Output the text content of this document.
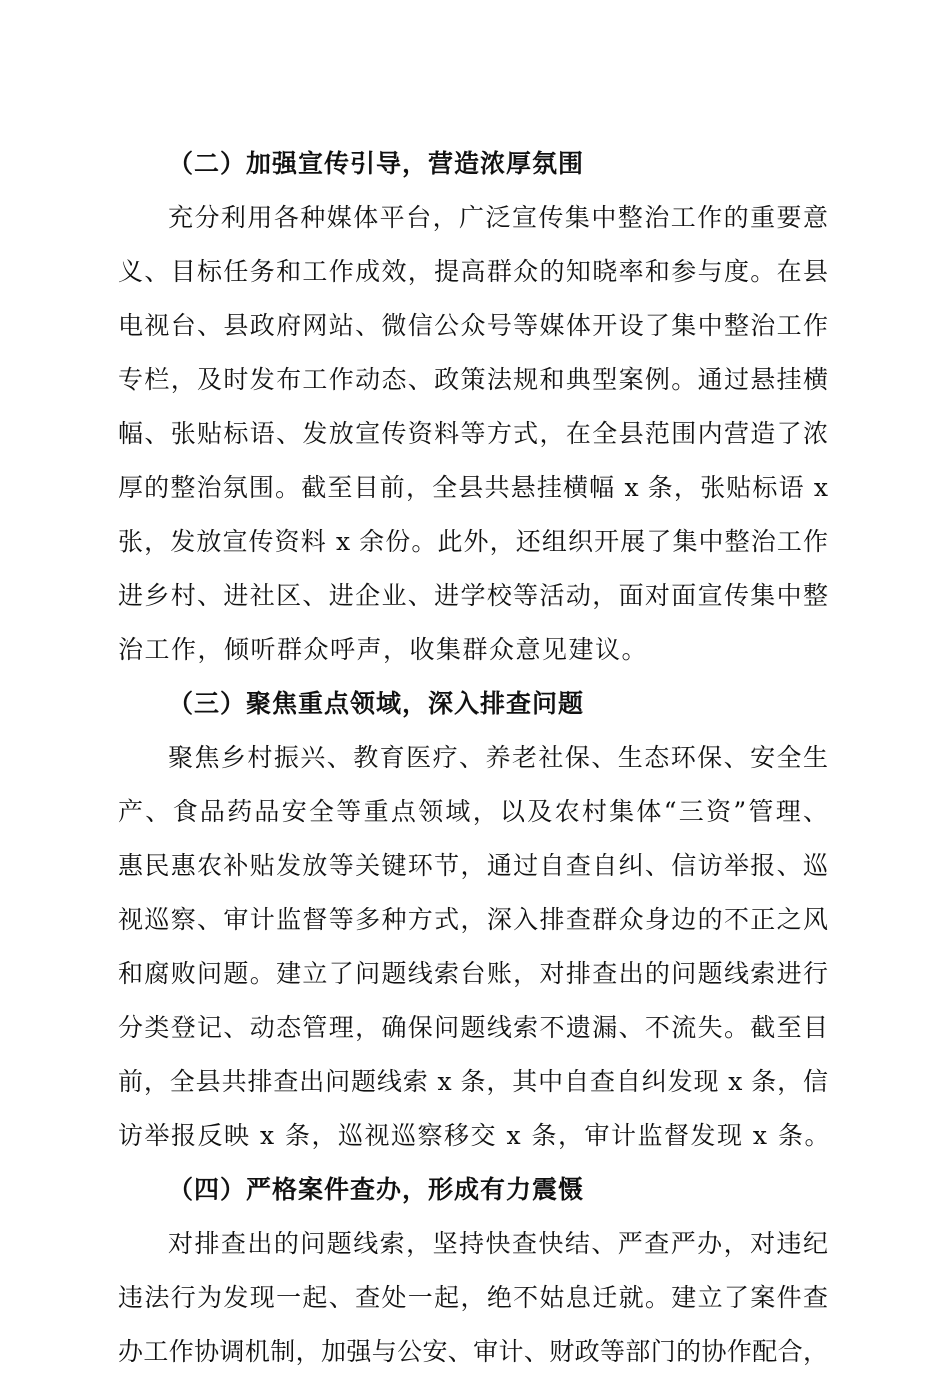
（二）加强宣传引导，营造浓厚氛围
充分利用各种媒体平台，广泛宣传集中整治工作的重要意
义、目标任务和工作成效，提高群众的知晓率和参与度。在县
电视台、县政府网站、微信公众号等媒体开设了集中整治工作
专栏，及时发布工作动态、政策法规和典型案例。通过悬挂横
幅、张贴标语、发放宣传资料等方式，在全县范围内营造了浓
厚的整治氛围。截至目前，全县共悬挂横幅 x 条，张贴标语 x
张，发放宣传资料 x 余份。此外，还组织开展了集中整治工作
进乡村、进社区、进企业、进学校等活动，面对面宣传集中整
治工作，倾听群众呼声，收集群众意见建议。
（三）聚焦重点领域，深入排查问题
聚焦乡村振兴、教育医疗、养老社保、生态环保、安全生
产、食品药品安全等重点领域，以及农村集体“三资”管理、
惠民惠农补贴发放等关键环节，通过自查自纠、信访举报、巡
视巡察、审计监督等多种方式，深入排查群众身边的不正之风
和腐败问题。建立了问题线索台账，对排查出的问题线索进行
分类登记、动态管理，确保问题线索不遗漏、不流失。截至目
前，全县共排查出问题线索 x 条，其中自查自纠发现 x 条，信
访举报反映 x 条，巡视巡察移交 x 条，审计监督发现 x 条。
（四）严格案件查办，形成有力震慑
对排查出的问题线索，坚持快查快结、严查严办，对违纪
违法行为发现一起、查处一起，绝不姑息迁就。建立了案件查
办工作协调机制，加强与公安、审计、财政等部门的协作配合，
